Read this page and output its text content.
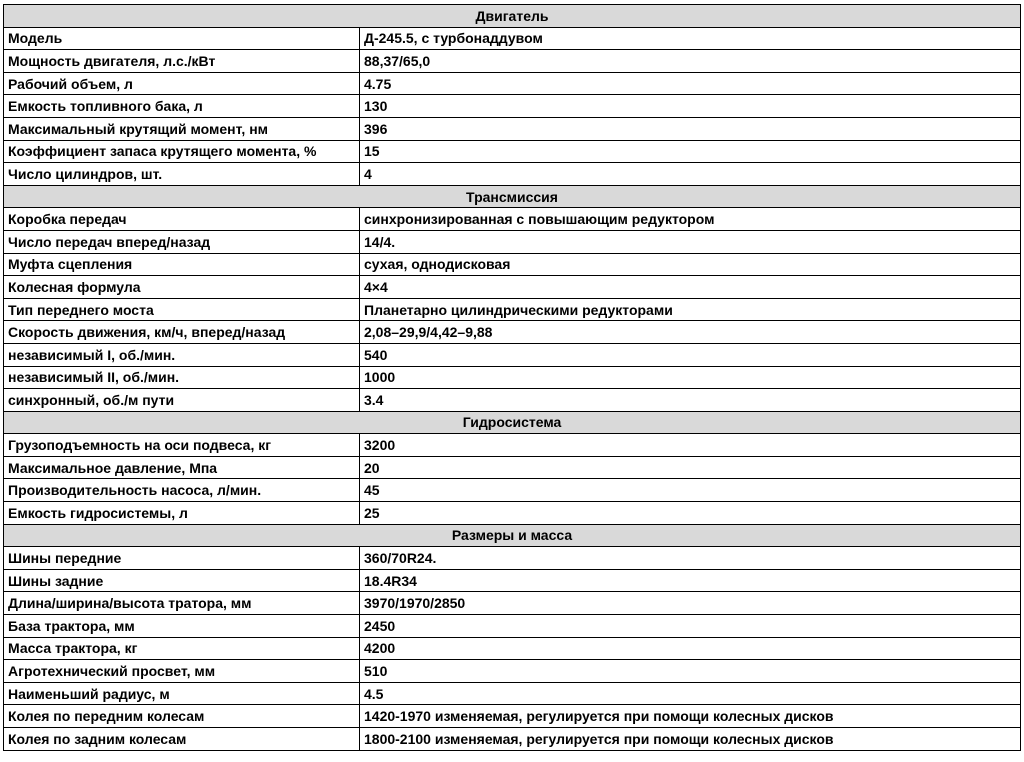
Двигатель	
Модель	Д-245.5, с турбонаддувом
Мощность двигателя, л.с./кВт	88,37/65,0
Рабочий объем, л	4.75
Емкость топливного бака, л	130
Максимальный крутящий момент, нм	396
Коэффициент запаса крутящего момента, %	15
Число цилиндров, шт.	4
Трансмиссия	
Коробка передач	синхронизированная с повышающим редуктором
Число передач вперед/назад	14/4.
Муфта сцепления	сухая, однодисковая
Колесная формула	4×4
Тип переднего моста	Планетарно цилиндрическими редукторами
Скорость движения, км/ч, вперед/назад	2,08–29,9/4,42–9,88
независимый I, об./мин.	540
независимый II, об./мин.	1000
синхронный, об./м пути	3.4
Гидросистема	
Грузоподъемность на оси подвеса, кг	3200
Максимальное давление, Мпа	20
Производительность насоса, л/мин.	45
Емкость гидросистемы, л	25
Размеры и масса	
Шины передние	360/70R24.
Шины задние	18.4R34
Длина/ширина/высота тратора, мм	3970/1970/2850
База трактора, мм	2450
Масса трактора, кг	4200
Агротехнический просвет, мм	510
Наименьший радиус, м	4.5
Колея по передним колесам	1420-1970 изменяемая, регулируется при помощи колесных дисков
Колея по задним колесам	1800-2100 изменяемая, регулируется при помощи колесных дисков
